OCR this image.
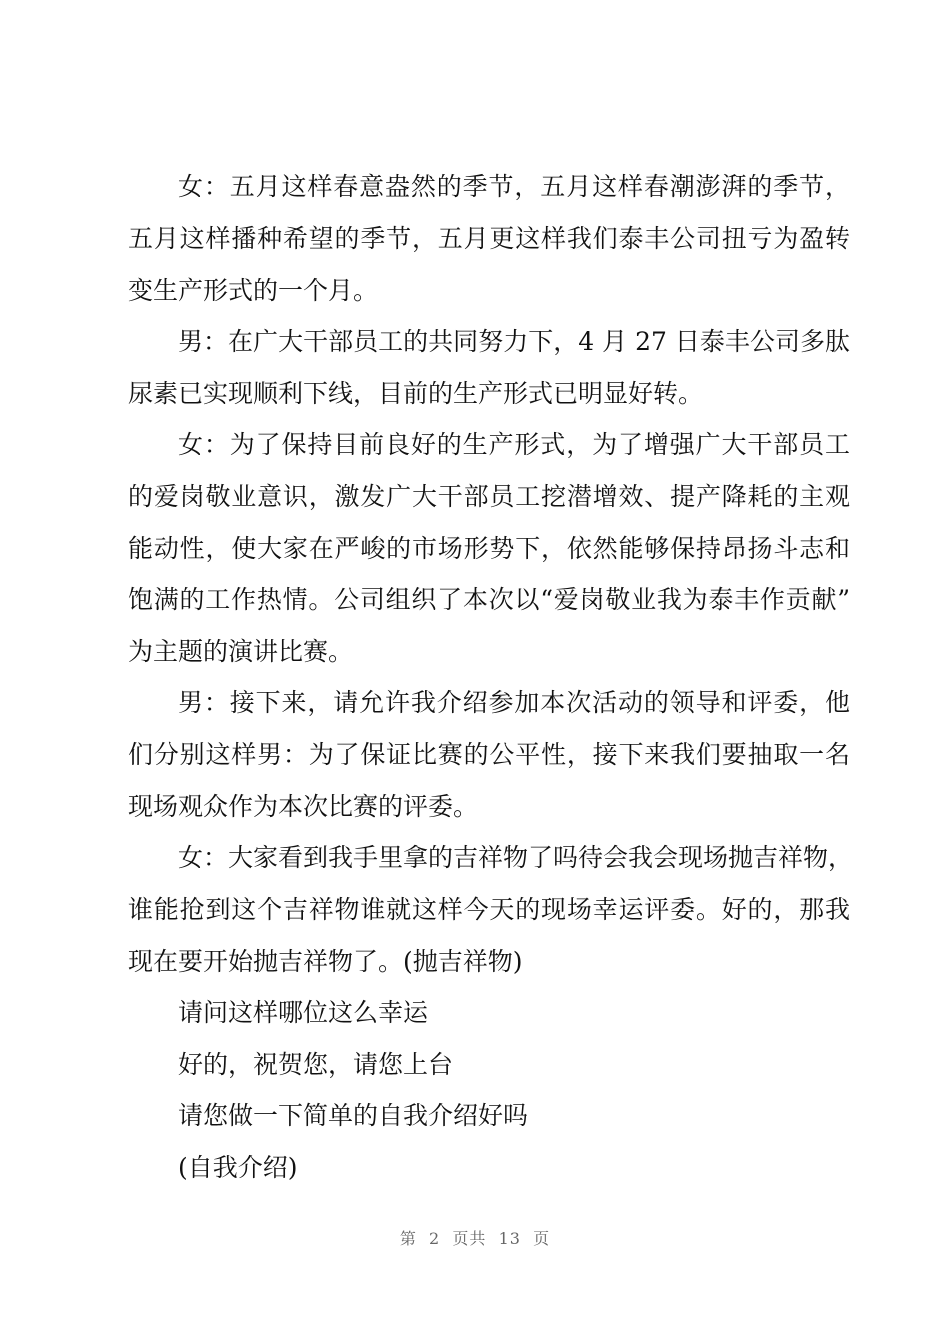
女：五月这样春意盎然的季节，五月这样春潮澎湃的季节，
五月这样播种希望的季节，五月更这样我们泰丰公司扭亏为盈转
变生产形式的一个月。
男：在广大干部员工的共同努力下，4 月 27 日泰丰公司多肽
尿素已实现顺利下线，目前的生产形式已明显好转。
女：为了保持目前良好的生产形式，为了增强广大干部员工
的爱岗敬业意识，激发广大干部员工挖潜增效、提产降耗的主观
能动性，使大家在严峻的市场形势下，依然能够保持昂扬斗志和
饱满的工作热情。公司组织了本次以“爱岗敬业我为泰丰作贡献”
为主题的演讲比赛。
男：接下来，请允许我介绍参加本次活动的领导和评委，他
们分别这样男：为了保证比赛的公平性，接下来我们要抽取一名
现场观众作为本次比赛的评委。
女：大家看到我手里拿的吉祥物了吗待会我会现场抛吉祥物，
谁能抢到这个吉祥物谁就这样今天的现场幸运评委。好的，那我
现在要开始抛吉祥物了。(抛吉祥物)
请问这样哪位这么幸运
好的，祝贺您，请您上台
请您做一下简单的自我介绍好吗
(自我介绍)
第  2  页共  13  页
